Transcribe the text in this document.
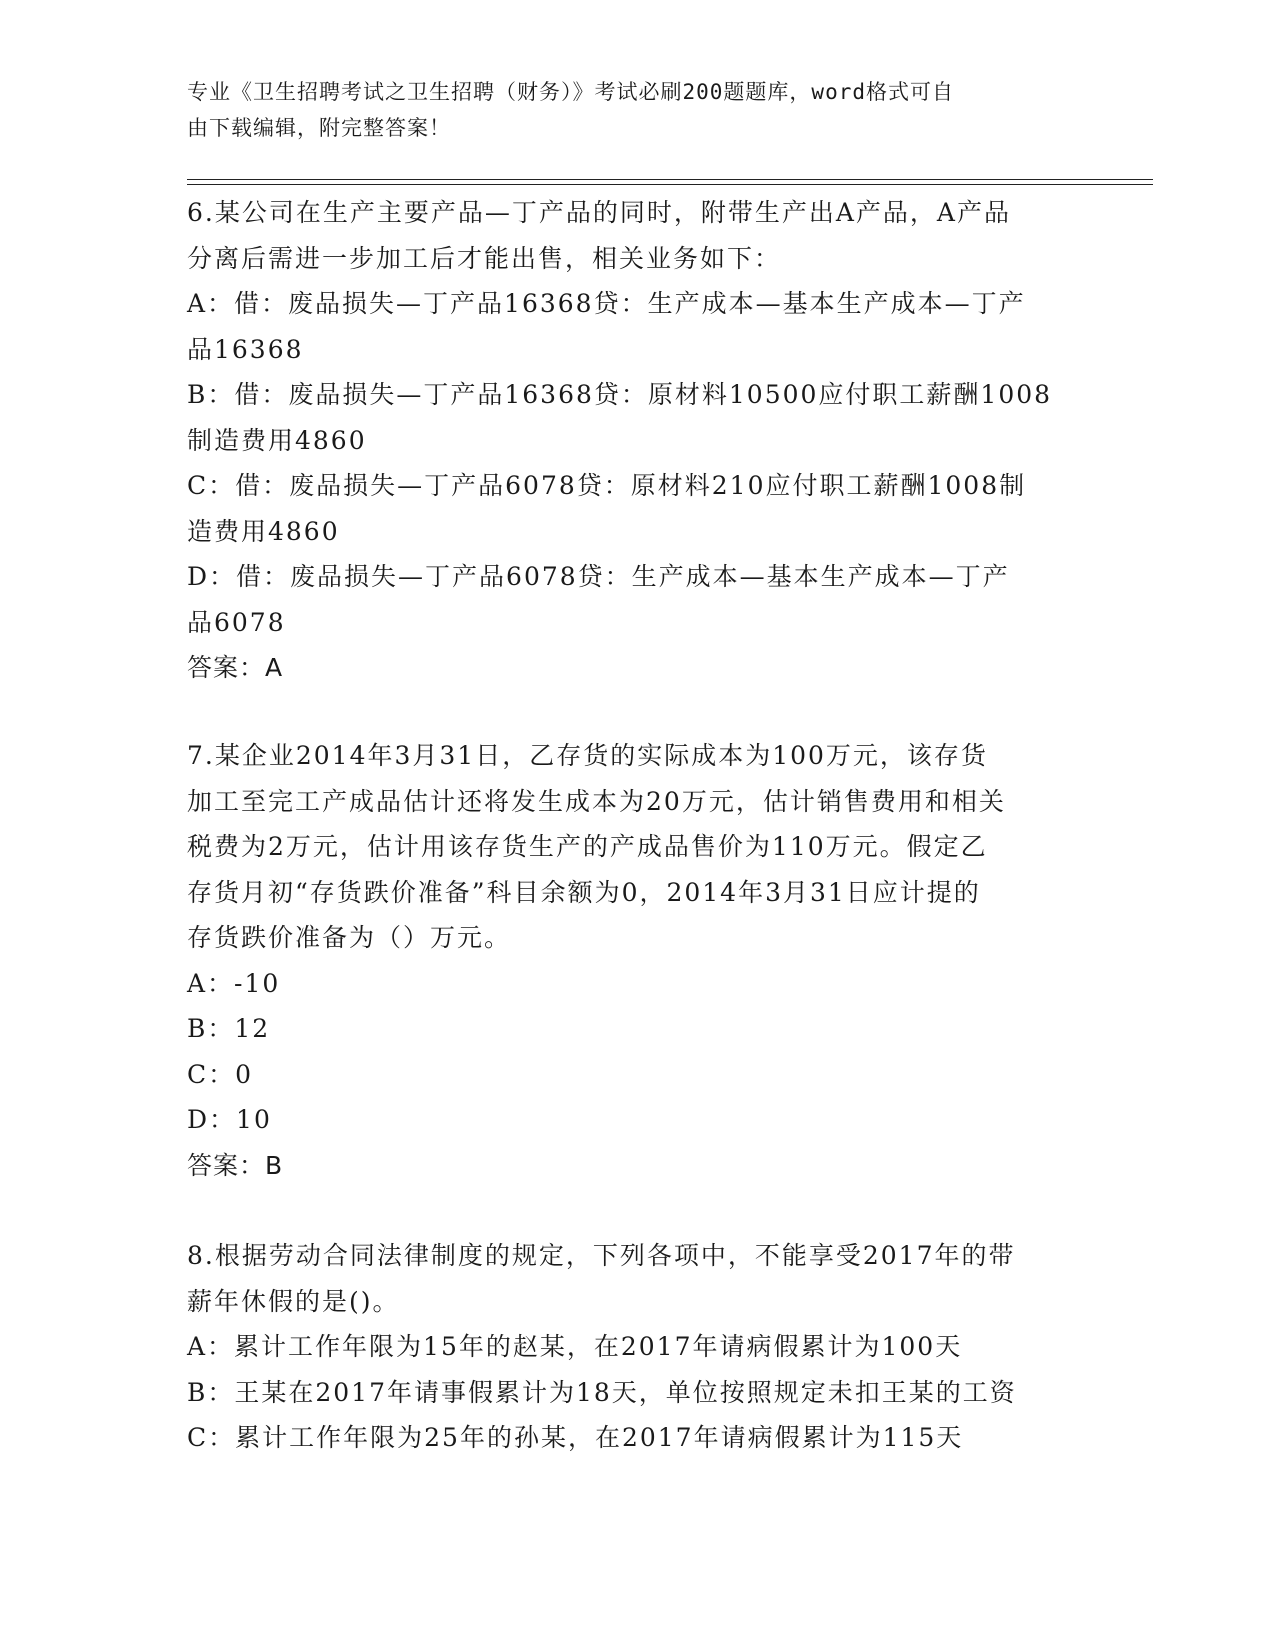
专业《卫生招聘考试之卫生招聘（财务）》考试必刷200题题库，word格式可自
由下载编辑，附完整答案！
6.某公司在生产主要产品—丁产品的同时，附带生产出A产品，A产品
分离后需进一步加工后才能出售，相关业务如下：
A：借：废品损失—丁产品16368贷：生产成本—基本生产成本—丁产
品16368
B：借：废品损失—丁产品16368贷：原材料10500应付职工薪酬1008
制造费用4860
C：借：废品损失—丁产品6078贷：原材料210应付职工薪酬1008制
造费用4860
D：借：废品损失—丁产品6078贷：生产成本—基本生产成本—丁产
品6078
答案：A
7.某企业2014年3月31日，乙存货的实际成本为100万元，该存货
加工至完工产成品估计还将发生成本为20万元，估计销售费用和相关
税费为2万元，估计用该存货生产的产成品售价为110万元。假定乙
存货月初“存货跌价准备”科目余额为0，2014年3月31日应计提的
存货跌价准备为（）万元。
A：-10
B：12
C：0
D：10
答案：B
8.根据劳动合同法律制度的规定，下列各项中，不能享受2017年的带
薪年休假的是()。
A：累计工作年限为15年的赵某，在2017年请病假累计为100天
B：王某在2017年请事假累计为18天，单位按照规定未扣王某的工资
C：累计工作年限为25年的孙某，在2017年请病假累计为115天
